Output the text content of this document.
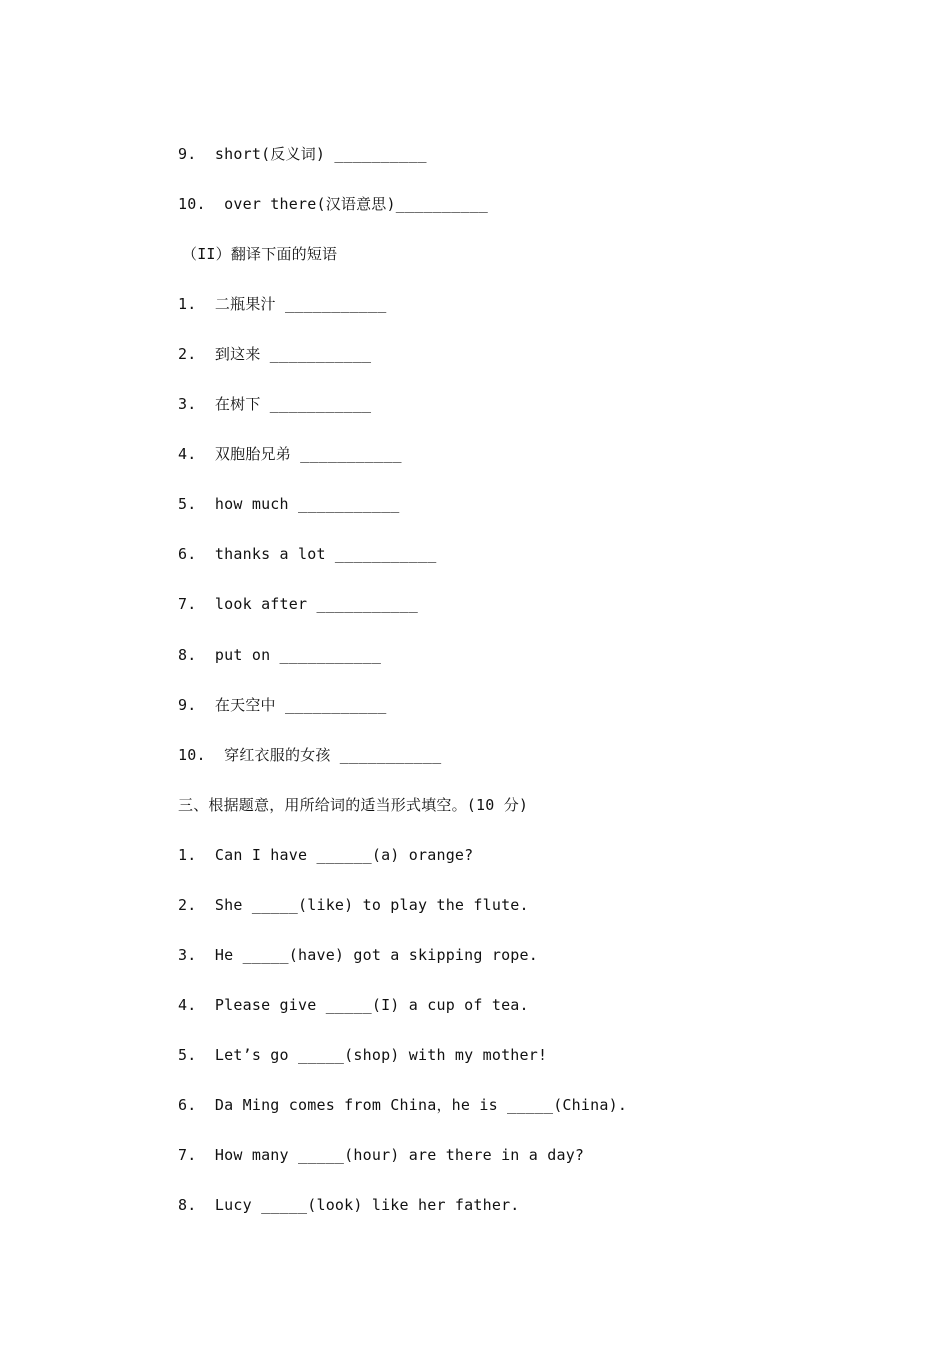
9.  short(反义词) __________
10.  over there(汉语意思)__________
（II）翻译下面的短语
1.  二瓶果汁 ___________
2.  到这来 ___________
3.  在树下 ___________
4.  双胞胎兄弟 ___________
5.  how much ___________
6.  thanks a lot ___________
7.  look after ___________
8.  put on ___________
9.  在天空中 ___________
10.  穿红衣服的女孩 ___________
三、根据题意，用所给词的适当形式填空。(10 分)
1.  Can I have ______(a) orange?
2.  She _____(like) to play the flute.
3.  He _____(have) got a skipping rope.
4.  Please give _____(I) a cup of tea.
5.  Let’s go _____(shop) with my mother!
6.  Da Ming comes from China，he is _____(China).
7.  How many _____(hour) are there in a day?
8.  Lucy _____(look) like her father.
